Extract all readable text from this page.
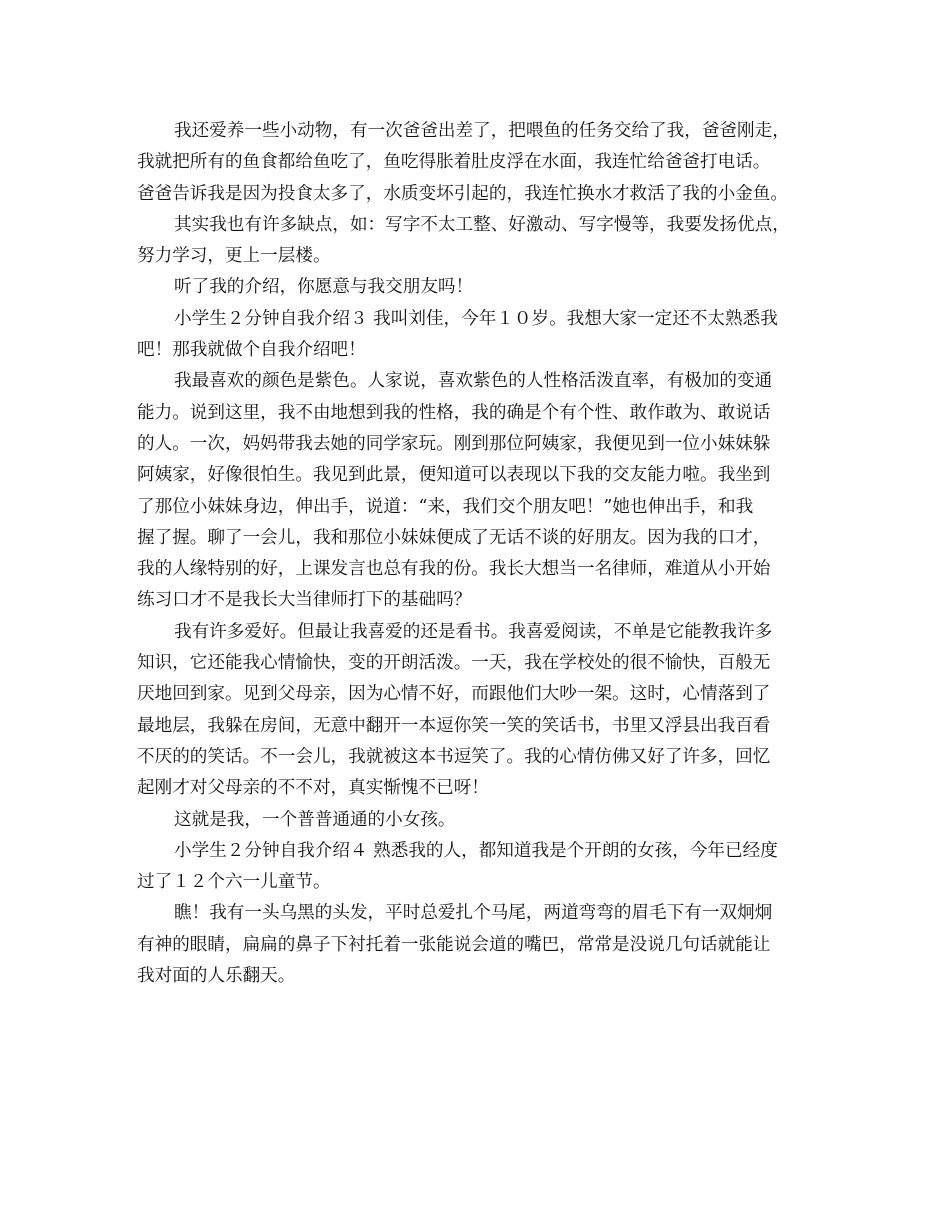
我还爱养一些小动物，有一次爸爸出差了，把喂鱼的任务交给了我，爸爸刚走，
我就把所有的鱼食都给鱼吃了，鱼吃得胀着肚皮浮在水面，我连忙给爸爸打电话。
爸爸告诉我是因为投食太多了，水质变坏引起的，我连忙换水才救活了我的小金鱼。
其实我也有许多缺点，如：写字不太工整、好激动、写字慢等，我要发扬优点，
努力学习，更上一层楼。
听了我的介绍，你愿意与我交朋友吗！
小学生２分钟自我介绍３ 我叫刘佳，今年１０岁。我想大家一定还不太熟悉我
吧！那我就做个自我介绍吧！
我最喜欢的颜色是紫色。人家说，喜欢紫色的人性格活泼直率，有极加的变通
能力。说到这里，我不由地想到我的性格，我的确是个有个性、敢作敢为、敢说话
的人。一次，妈妈带我去她的同学家玩。刚到那位阿姨家，我便见到一位小妹妹躲
阿姨家，好像很怕生。我见到此景，便知道可以表现以下我的交友能力啦。我坐到
了那位小妹妹身边，伸出手，说道：“来，我们交个朋友吧！”她也伸出手，和我
握了握。聊了一会儿，我和那位小妹妹便成了无话不谈的好朋友。因为我的口才，
我的人缘特别的好，上课发言也总有我的份。我长大想当一名律师，难道从小开始
练习口才不是我长大当律师打下的基础吗？
我有许多爱好。但最让我喜爱的还是看书。我喜爱阅读，不单是它能教我许多
知识，它还能我心情愉快，变的开朗活泼。一天，我在学校处的很不愉快，百般无
厌地回到家。见到父母亲，因为心情不好，而跟他们大吵一架。这时，心情落到了
最地层，我躲在房间，无意中翻开一本逗你笑一笑的笑话书，书里又浮县出我百看
不厌的的笑话。不一会儿，我就被这本书逗笑了。我的心情仿佛又好了许多，回忆
起刚才对父母亲的不不对，真实惭愧不已呀！
这就是我，一个普普通通的小女孩。
小学生２分钟自我介绍４ 熟悉我的人，都知道我是个开朗的女孩，今年已经度
过了１２个六一儿童节。
瞧！我有一头乌黑的头发，平时总爱扎个马尾，两道弯弯的眉毛下有一双炯炯
有神的眼睛，扁扁的鼻子下衬托着一张能说会道的嘴巴，常常是没说几句话就能让
我对面的人乐翻天。
